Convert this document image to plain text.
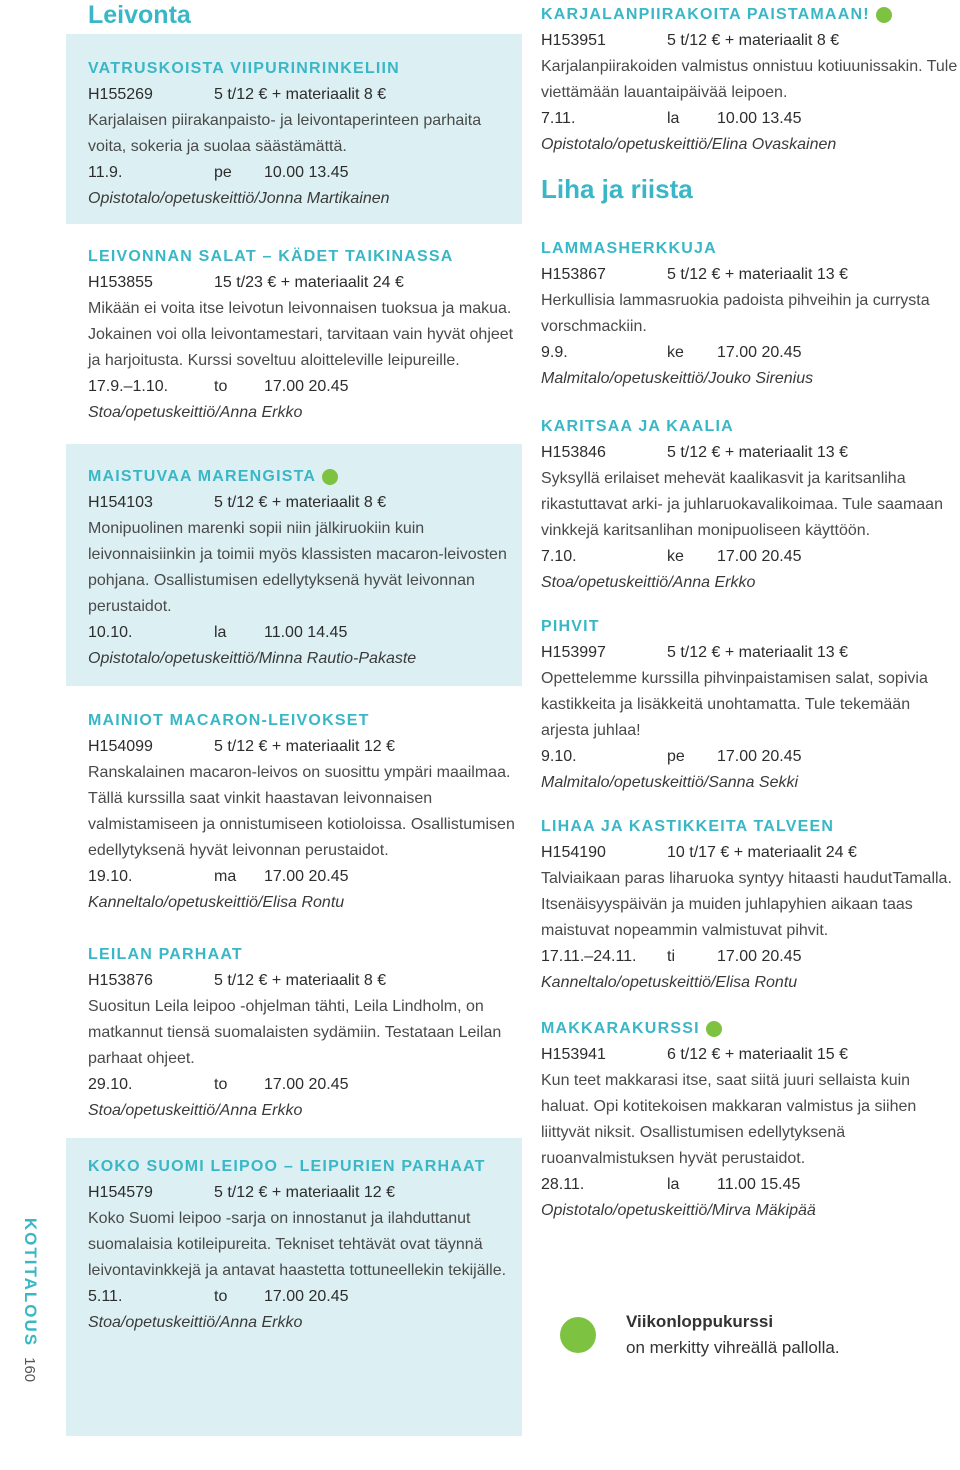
KOTITALOUS
160
Leivonta
VATRUSKOISTA VIIPURINRINKELIIN
H155269	5 t/12 € + materiaalit 8 €
Karjalaisen piirakanpaisto- ja leivontaperinteen parhaita voita, sokeria ja suolaa säästämättä.
11.9.	pe	10.00 13.45
Opistotalo/opetuskeittiö/Jonna Martikainen
LEIVONNAN SALAT – KÄDET TAIKINASSA
H153855	15 t/23 € + materiaalit 24 €
Mikään ei voita itse leivotun leivonnaisen tuoksua ja makua. Jokainen voi olla leivontamestari, tarvitaan vain hyvät ohjeet ja harjoitusta. Kurssi soveltuu aloitteleville leipureille.
17.9.–1.10.	to	17.00 20.45
Stoa/opetuskeittiö/Anna Erkko
MAISTUVAA MARENGISTA
H154103	5 t/12 € + materiaalit 8 €
Monipuolinen marenki sopii niin jälkiruokiin kuin leivonnaisiinkin ja toimii myös klassisten macaron-leivosten pohjana. Osallistumisen edellytyksenä hyvät leivonnan perustaidot.
10.10.	la	11.00 14.45
Opistotalo/opetuskeittiö/Minna Rautio-Pakaste
MAINIOT MACARON-LEIVOKSET
H154099	5 t/12 € + materiaalit 12 €
Ranskalainen macaron-leivos on suosittu ympäri maailmaa. Tällä kurssilla saat vinkit haastavan leivonnaisen valmistamiseen ja onnistumiseen kotioloissa. Osallistumisen edellytyksenä hyvät leivonnan perustaidot.
19.10.	ma	17.00 20.45
Kanneltalo/opetuskeittiö/Elisa Rontu
LEILAN PARHAAT
H153876	5 t/12 € + materiaalit 8 €
Suositun Leila leipoo -ohjelman tähti, Leila Lindholm, on matkannut tiensä suomalaisten sydämiin. Testataan Leilan parhaat ohjeet.
29.10.	to	17.00 20.45
Stoa/opetuskeittiö/Anna Erkko
KOKO SUOMI LEIPOO – LEIPURIEN PARHAAT
H154579	5 t/12 € + materiaalit 12 €
Koko Suomi leipoo -sarja on innostanut ja ilahduttanut suomalaisia kotileipureita. Tekniset tehtävät ovat täynnä leivontavinkkejä ja antavat haastetta tottuneellekin tekijälle.
5.11.	to	17.00 20.45
Stoa/opetuskeittiö/Anna Erkko
KARJALANPIIRAKOITA PAISTAMAAN!
H153951	5 t/12 € + materiaalit 8 €
Karjalanpiirakoiden valmistus onnistuu kotiuunissakin. Tule viettämään lauantaipäivää leipoen.
7.11.	la	10.00 13.45
Opistotalo/opetuskeittiö/Elina Ovaskainen
Liha ja riista
LAMMASHERKKUJA
H153867	5 t/12 € + materiaalit 13 €
Herkullisia lammasruokia padoista pihveihin ja currysta vorschmackiin.
9.9.	ke	17.00 20.45
Malmitalo/opetuskeittiö/Jouko Sirenius
KARITSAA JA KAALIA
H153846	5 t/12 € + materiaalit 13 €
Syksyllä erilaiset mehevät kaalikasvit ja karitsanliha rikastuttavat arki- ja juhlaruokavalikoimaa. Tule saamaan vinkkejä karitsanlihan monipuoliseen käyttöön.
7.10.	ke	17.00 20.45
Stoa/opetuskeittiö/Anna Erkko
PIHVIT
H153997	5 t/12 € + materiaalit 13 €
Opettelemme kurssilla pihvinpaistamisen salat, sopivia kastikkeita ja lisäkkeitä unohtamatta. Tule tekemään arjesta juhlaa!
9.10.	pe	17.00 20.45
Malmitalo/opetuskeittiö/Sanna Sekki
LIHAA JA KASTIKKEITA TALVEEN
H154190	10 t/17 € + materiaalit 24 €
Talviaikaan paras liharuoka syntyy hitaasti haudutTamalla. Itsenäisyyspäivän ja muiden juhlapyhien aikaan taas maistuvat nopeammin valmistuvat pihvit.
17.11.–24.11.	ti	17.00 20.45
Kanneltalo/opetuskeittiö/Elisa Rontu
MAKKARAKURSSI
H153941	6 t/12 € + materiaalit 15 €
Kun teet makkarasi itse, saat siitä juuri sellaista kuin haluat. Opi kotitekoisen makkaran valmistus ja siihen liittyvät niksit. Osallistumisen edellytyksenä ruoanvalmistuksen hyvät perustaidot.
28.11.	la	11.00 15.45
Opistotalo/opetuskeittiö/Mirva Mäkipää
Viikonloppukurssi
on merkitty vihreällä pallolla.
